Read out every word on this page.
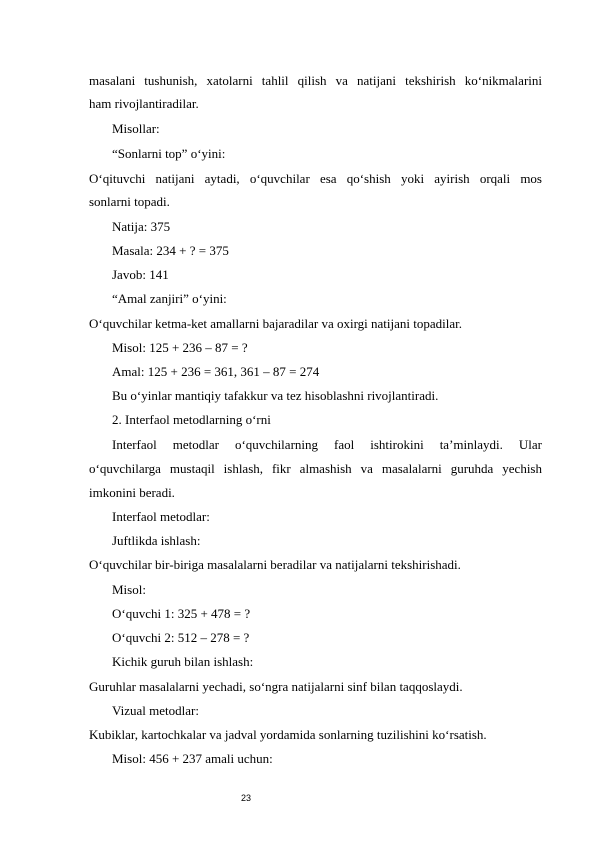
masalani tushunish, xatolarni tahlil qilish va natijani tekshirish ko‘nikmalarini
ham rivojlantiradilar.
Misollar:
“Sonlarni top” o‘yini:
O‘qituvchi natijani aytadi, o‘quvchilar esa qo‘shish yoki ayirish orqali mos
sonlarni topadi.
Natija: 375
Masala: 234 + ? = 375
Javob: 141
“Amal zanjiri” o‘yini:
O‘quvchilar ketma-ket amallarni bajaradilar va oxirgi natijani topadilar.
Misol: 125 + 236 – 87 = ?
Amal: 125 + 236 = 361, 361 – 87 = 274
Bu o‘yinlar mantiqiy tafakkur va tez hisoblashni rivojlantiradi.
2. Interfaol metodlarning o‘rni
Interfaol metodlar o‘quvchilarning faol ishtirokini ta’minlaydi. Ular
o‘quvchilarga mustaqil ishlash, fikr almashish va masalalarni guruhda yechish
imkonini beradi.
Interfaol metodlar:
Juftlikda ishlash:
O‘quvchilar bir-biriga masalalarni beradilar va natijalarni tekshirishadi.
Misol:
O‘quvchi 1: 325 + 478 = ?
O‘quvchi 2: 512 – 278 = ?
Kichik guruh bilan ishlash:
Guruhlar masalalarni yechadi, so‘ngra natijalarni sinf bilan taqqoslaydi.
Vizual metodlar:
Kubiklar, kartochkalar va jadval yordamida sonlarning tuzilishini ko‘rsatish.
Misol: 456 + 237 amali uchun:
23
